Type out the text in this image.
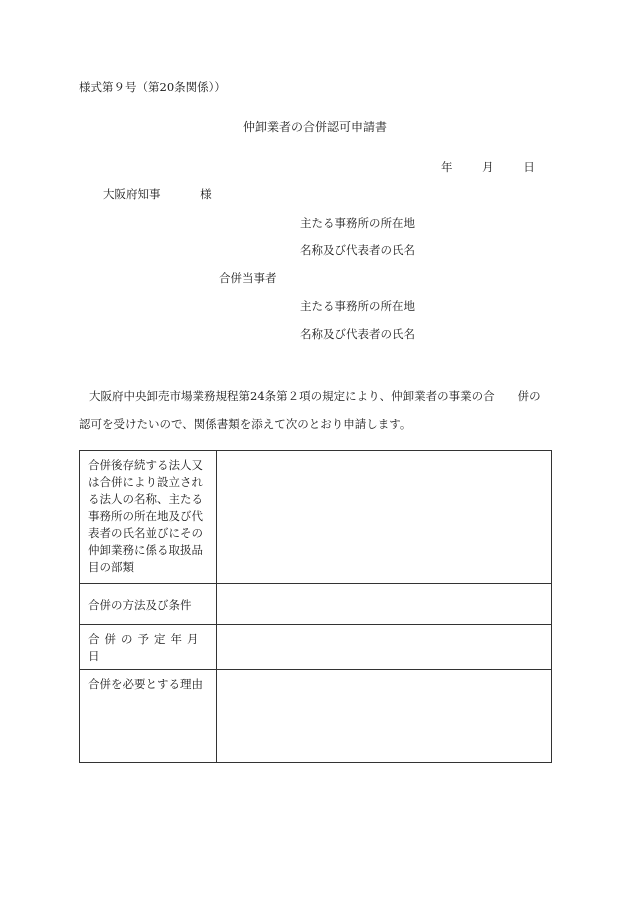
様式第９号（第20条関係））
仲卸業者の合併認可申請書
年	月	日
大阪府知事	様
主たる事務所の所在地
名称及び代表者の氏名
合併当事者
主たる事務所の所在地
名称及び代表者の氏名
大阪府中央卸売市場業務規程第24条第２項の規定により、仲卸業者の事業の合　　併の
認可を受けたいので、関係書類を添えて次のとおり申請します。
合併後存続する法人又は合併により設立される法人の名称、主たる事務所の所在地及び代表者の氏名並びにその仲卸業務に係る取扱品目の部類	
合併の方法及び条件	
合併の予定年月日	
合併を必要とする理由	
